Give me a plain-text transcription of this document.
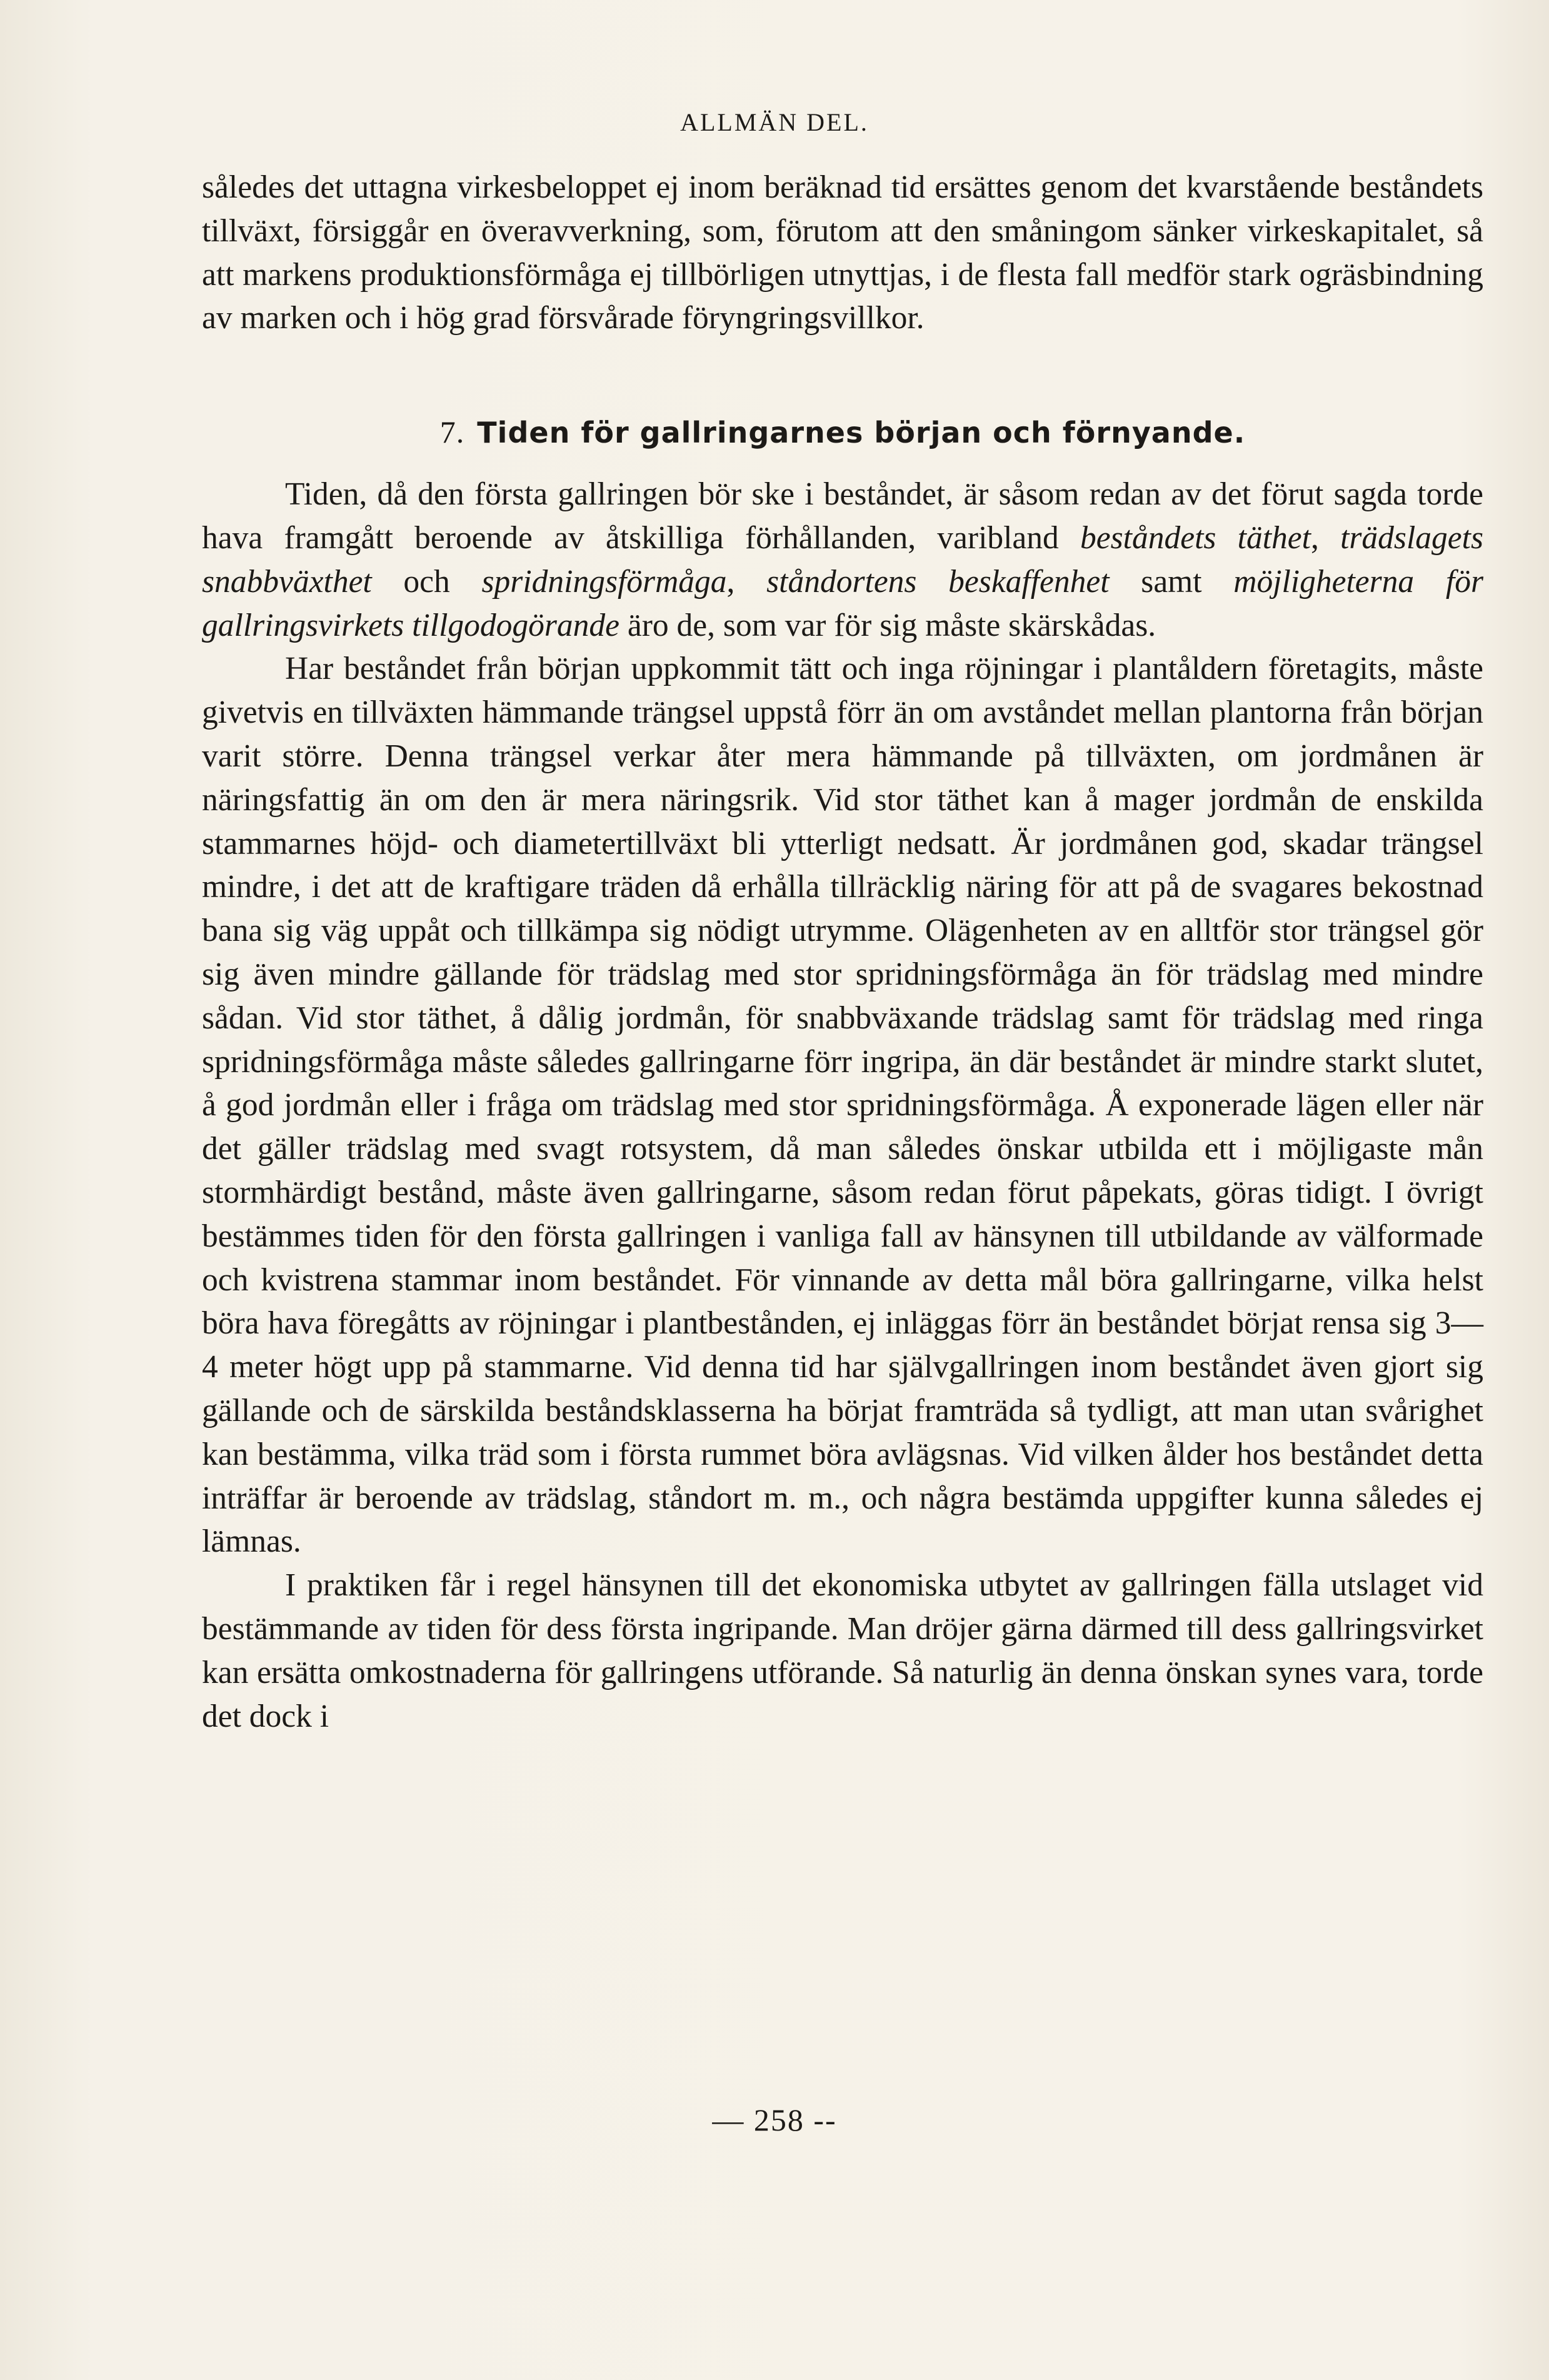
ALLMÄN DEL.

således det uttagna virkesbeloppet ej inom beräknad tid ersättes genom det kvarstående beståndets tillväxt, försiggår en överavverkning, som, förutom att den småningom sänker virkeskapitalet, så att markens produktionsförmåga ej tillbörligen utnyttjas, i de flesta fall medför stark ogräsbindning av marken och i hög grad försvårade föryngringsvillkor.

7. Tiden för gallringarnes början och förnyande.

Tiden, då den första gallringen bör ske i beståndet, är såsom redan av det förut sagda torde hava framgått beroende av åtskilliga förhållanden, varibland beståndets täthet, trädslagets snabbväxthet och spridningsförmåga, ståndortens beskaffenhet samt möjligheterna för gallringsvirkets tillgodogörande äro de, som var för sig måste skärskådas.

Har beståndet från början uppkommit tätt och inga röjningar i plantåldern företagits, måste givetvis en tillväxten hämmande trängsel uppstå förr än om avståndet mellan plantorna från början varit större. Denna trängsel verkar åter mera hämmande på tillväxten, om jordmånen är näringsfattig än om den är mera näringsrik. Vid stor täthet kan å mager jordmån de enskilda stammarnes höjd- och diametertillväxt bli ytterligt nedsatt. Är jordmånen god, skadar trängsel mindre, i det att de kraftigare träden då erhålla tillräcklig näring för att på de svagares bekostnad bana sig väg uppåt och tillkämpa sig nödigt utrymme. Olägenheten av en alltför stor trängsel gör sig även mindre gällande för trädslag med stor spridningsförmåga än för trädslag med mindre sådan. Vid stor täthet, å dålig jordmån, för snabbväxande trädslag samt för trädslag med ringa spridningsförmåga måste således gallringarne förr ingripa, än där beståndet är mindre starkt slutet, å god jordmån eller i fråga om trädslag med stor spridningsförmåga. Å exponerade lägen eller när det gäller trädslag med svagt rotsystem, då man således önskar utbilda ett i möjligaste mån stormhärdigt bestånd, måste även gallringarne, såsom redan förut påpekats, göras tidigt. I övrigt bestämmes tiden för den första gallringen i vanliga fall av hänsynen till utbildande av välformade och kvistrena stammar inom beståndet. För vinnande av detta mål böra gallringarne, vilka helst böra hava föregåtts av röjningar i plantbestånden, ej inläggas förr än beståndet börjat rensa sig 3—4 meter högt upp på stammarne. Vid denna tid har självgallringen inom beståndet även gjort sig gällande och de särskilda beståndsklasserna ha börjat framträda så tydligt, att man utan svårighet kan bestämma, vilka träd som i första rummet böra avlägsnas. Vid vilken ålder hos beståndet detta inträffar är beroende av trädslag, ståndort m. m., och några bestämda uppgifter kunna således ej lämnas.

I praktiken får i regel hänsynen till det ekonomiska utbytet av gallringen fälla utslaget vid bestämmande av tiden för dess första ingripande. Man dröjer gärna därmed till dess gallringsvirket kan ersätta omkostnaderna för gallringens utförande. Så naturlig än denna önskan synes vara, torde det dock i

— 258 --
